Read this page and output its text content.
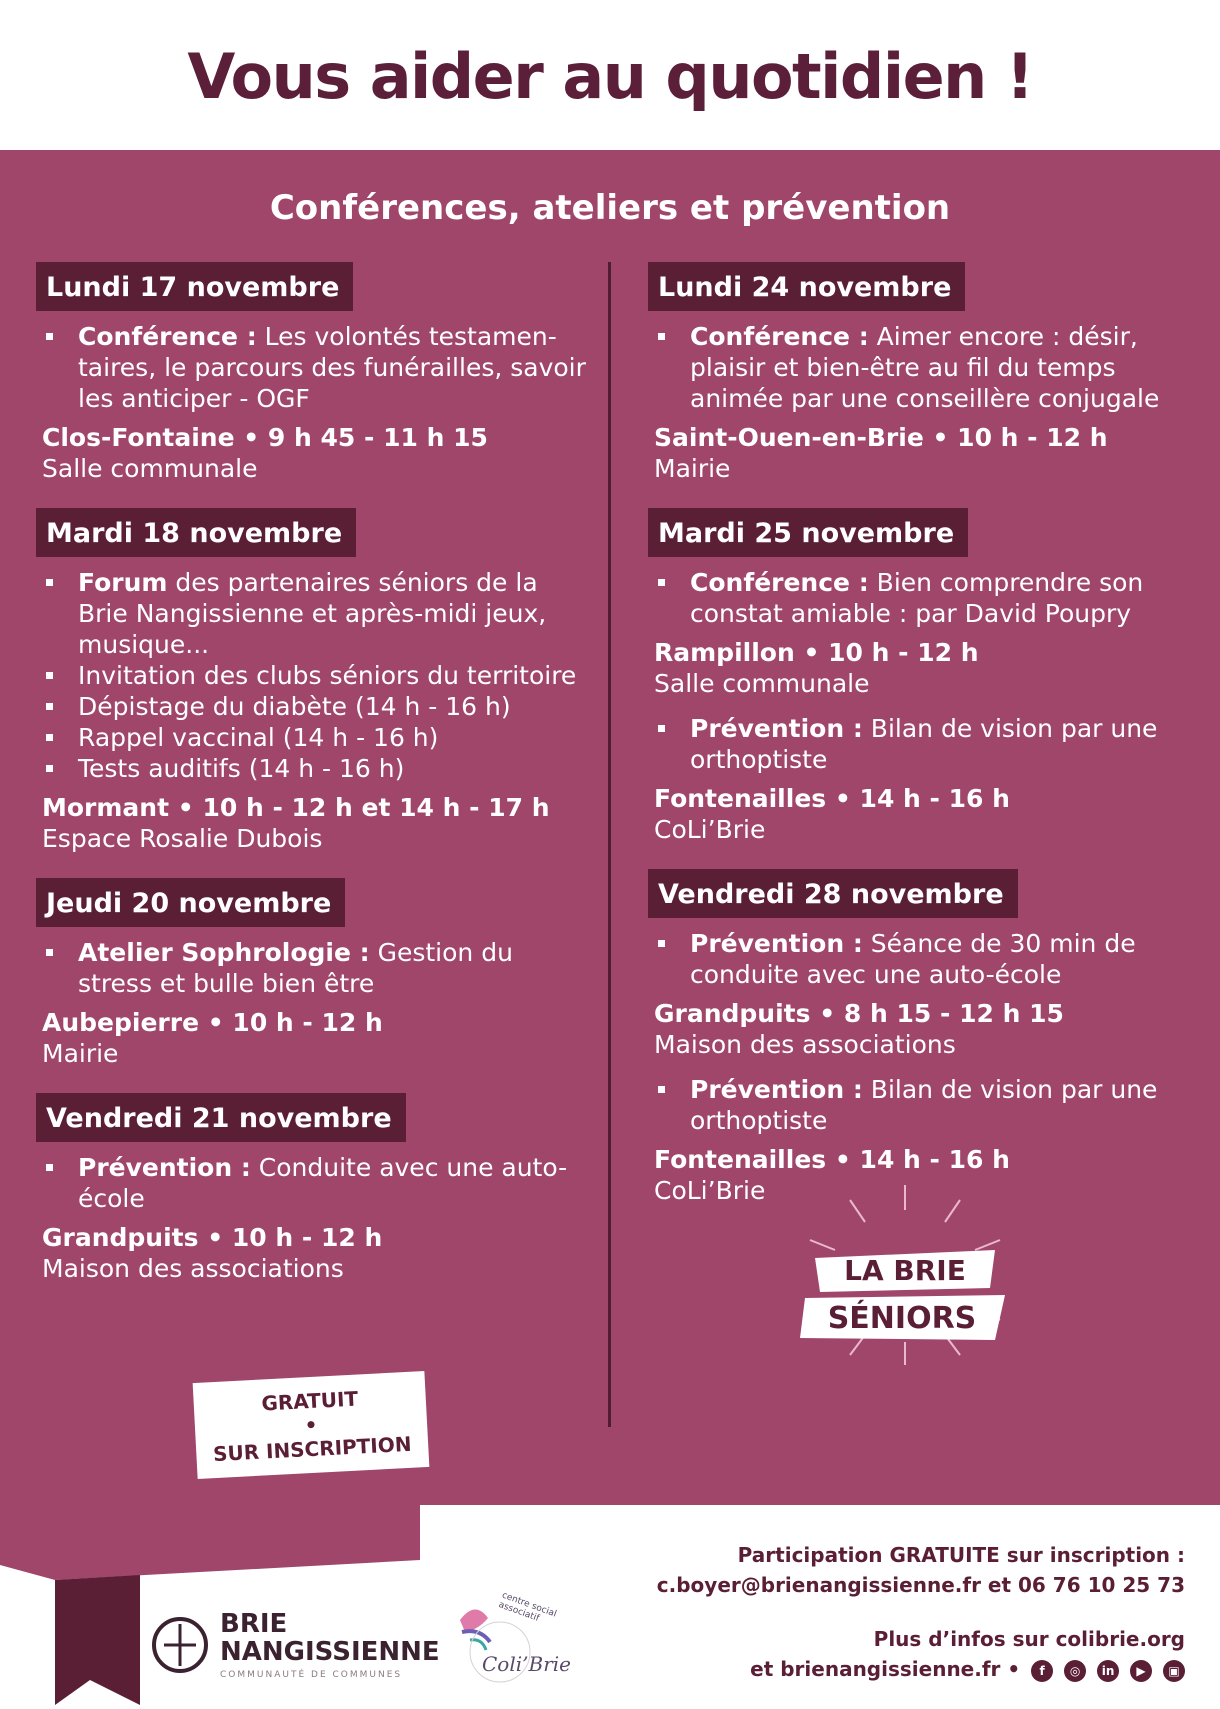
Vous aider au quotidien !
Conférences, ateliers et prévention
Lundi 17 novembre
Conférence : Les volontés testamen-taires, le parcours des funérailles, savoir les anticiper - OGF
Clos-Fontaine • 9 h 45 - 11 h 15
Salle communale
Mardi 18 novembre
Forum des partenaires séniors de la Brie Nangissienne et après-midi jeux, musique...
Invitation des clubs séniors du territoire
Dépistage du diabète (14 h - 16 h)
Rappel vaccinal (14 h - 16 h)
Tests auditifs (14 h - 16 h)
Mormant • 10 h - 12 h et 14 h - 17 h
Espace Rosalie Dubois
Jeudi 20 novembre
Atelier Sophrologie : Gestion du stress et bulle bien être
Aubepierre • 10 h - 12 h
Mairie
Vendredi 21 novembre
Prévention : Conduite avec une auto-école
Grandpuits • 10 h - 12 h
Maison des associations
Lundi 24 novembre
Conférence : Aimer encore : désir, plaisir et bien-être au fil du temps animée par une conseillère conjugale
Saint-Ouen-en-Brie • 10 h - 12 h
Mairie
Mardi 25 novembre
Conférence : Bien comprendre son constat amiable : par David Poupry
Rampillon • 10 h - 12 h
Salle communale
Prévention : Bilan de vision par une orthoptiste
Fontenailles • 14 h - 16 h
CoLi’Brie
Vendredi 28 novembre
Prévention : Séance de 30 min de conduite avec une auto-école
Grandpuits • 8 h 15 - 12 h 15
Maison des associations
Prévention : Bilan de vision par une orthoptiste
Fontenailles • 14 h - 16 h
CoLi’Brie
GRATUIT
•
SUR INSCRIPTION
LA BRIE
SÉNIORS
BRIE
NANGISSIENNE
COMMUNAUTÉ DE COMMUNES	Coli’Brie
centre social associatif
Participation GRATUITE sur inscription :
c.boyer@brienangissienne.fr et 06 76 10 25 73
Plus d’infos sur colibrie.org
et brienangissienne.fr • f ◎ in ▶ ▣
